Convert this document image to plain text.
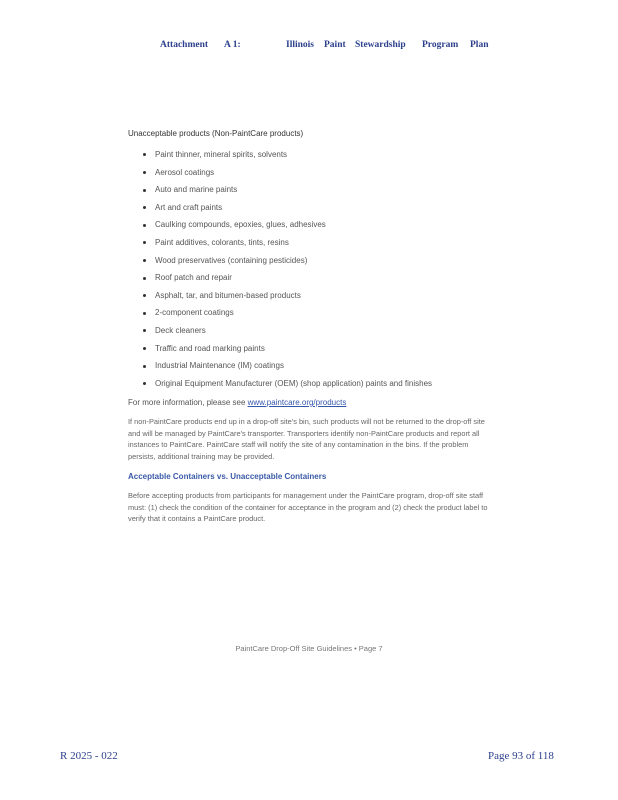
Attachment A 1:	Illinois Paint Stewardship Program Plan
Unacceptable products (Non-PaintCare products)
Paint thinner, mineral spirits, solvents
Aerosol coatings
Auto and marine paints
Art and craft paints
Caulking compounds, epoxies, glues, adhesives
Paint additives, colorants, tints, resins
Wood preservatives (containing pesticides)
Roof patch and repair
Asphalt, tar, and bitumen-based products
2-component coatings
Deck cleaners
Traffic and road marking paints
Industrial Maintenance (IM) coatings
Original Equipment Manufacturer (OEM) (shop application) paints and finishes
For more information, please see www.paintcare.org/products
If non-PaintCare products end up in a drop-off site's bin, such products will not be returned to the drop-off site and will be managed by PaintCare's transporter. Transporters identify non-PaintCare products and report all instances to PaintCare. PaintCare staff will notify the site of any contamination in the bins. If the problem persists, additional training may be provided.
Acceptable Containers vs. Unacceptable Containers
Before accepting products from participants for management under the PaintCare program, drop-off site staff must: (1) check the condition of the container for acceptance in the program and (2) check the product label to verify that it contains a PaintCare product.
PaintCare Drop-Off Site Guidelines • Page 7
R 2025 - 022	Page 93 of 118
